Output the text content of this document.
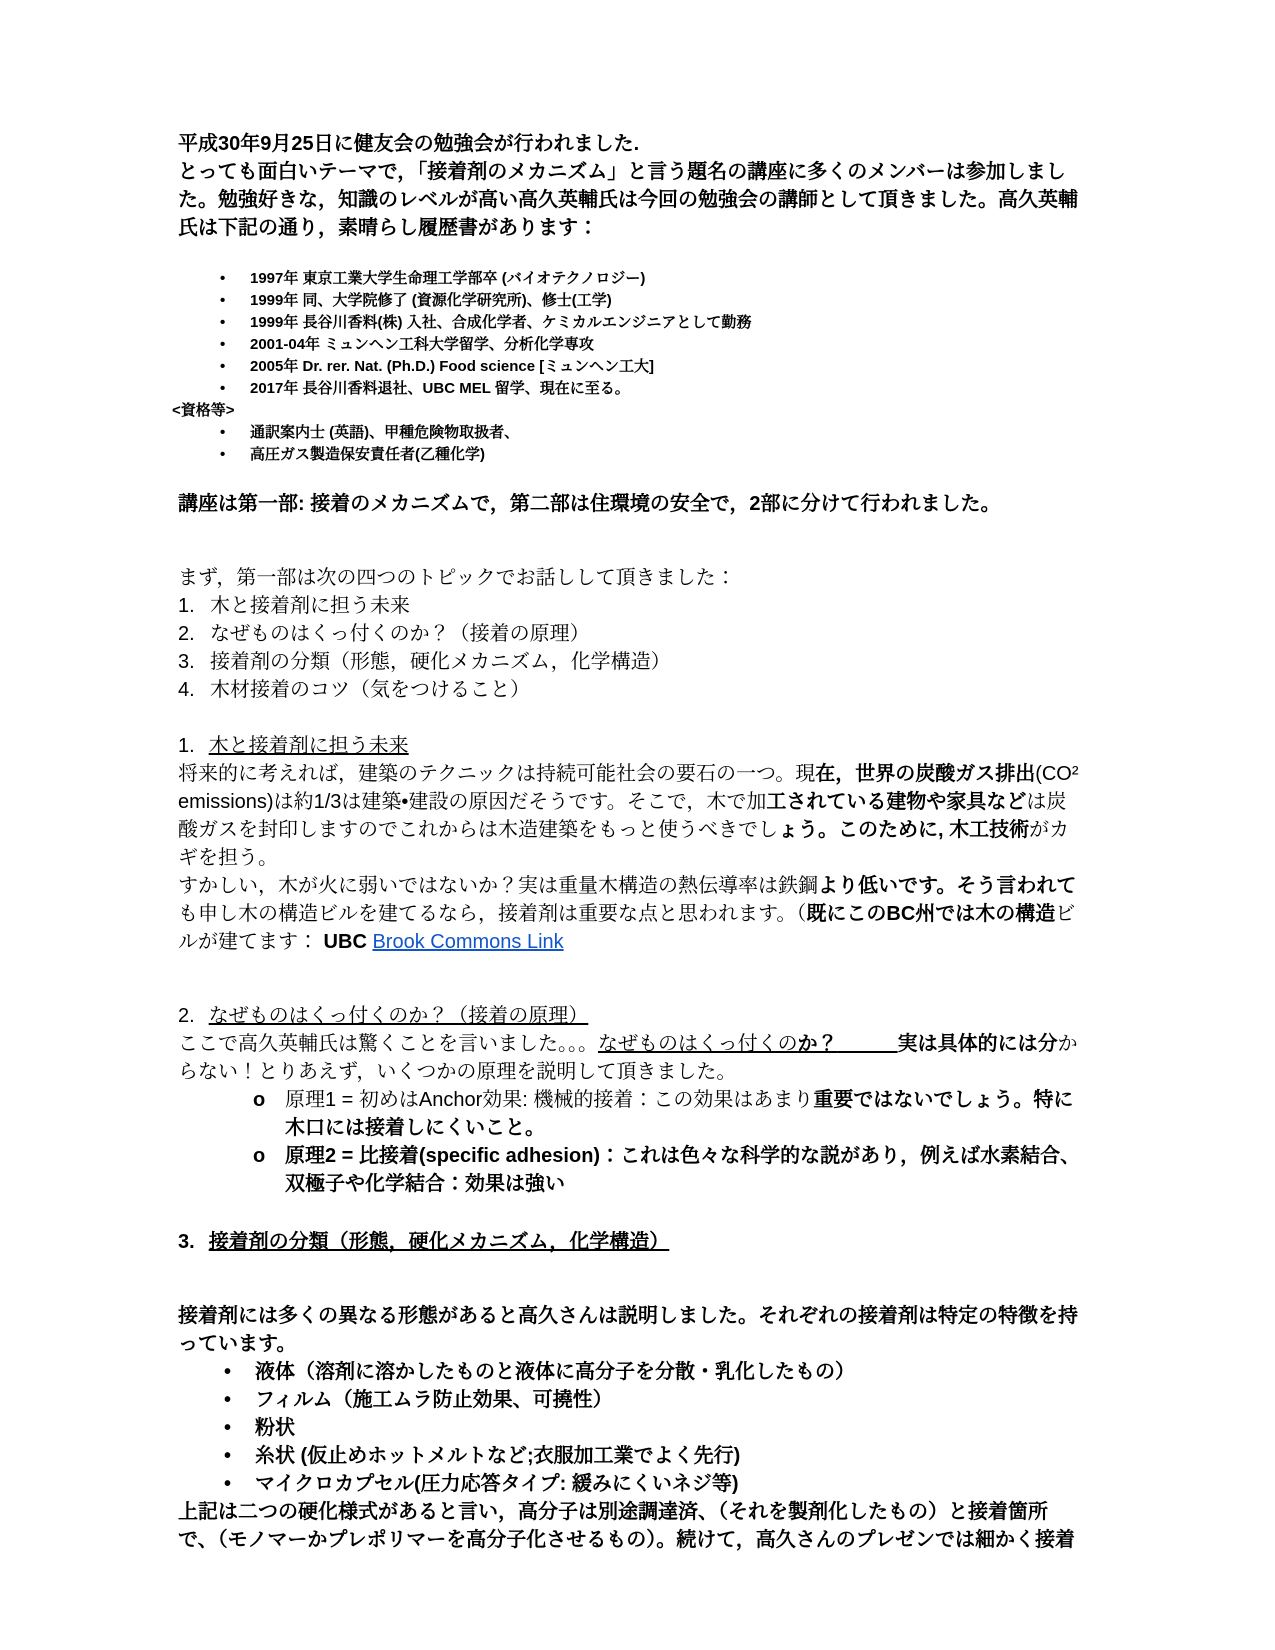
平成30年9月25日に健友会の勉強会が行われました.

とっても面白いテーマで，「接着剤のメカニズム」と言う題名の講座に多くのメンバーは参加しました。勉強好きな，知識のレベルが高い高久英輔氏は今回の勉強会の講師として頂きました。高久英輔氏は下記の通り，素晴らし履歴書があります：

• 1997年 東京工業大学生命理工学部卒 (バイオテクノロジー)
• 1999年 同、大学院修了 (資源化学研究所)、修士(工学)
• 1999年 長谷川香料(株) 入社、合成化学者、ケミカルエンジニアとして勤務
• 2001-04年 ミュンヘン工科大学留学、分析化学専攻
• 2005年 Dr. rer. Nat. (Ph.D.) Food science [ミュンヘン工大]
• 2017年 長谷川香料退社、UBC MEL 留学、現在に至る。

<資格等>

• 通訳案内士 (英語)、甲種危険物取扱者、
• 高圧ガス製造保安責任者(乙種化学)

講座は第一部: 接着のメカニズムで，第二部は住環境の安全で，2部に分けて行われました。

まず，第一部は次の四つのトピックでお話しして頂きました：

1. 木と接着剤に担う未来
2. なぜものはくっ付くのか？（接着の原理）
3. 接着剤の分類（形態，硬化メカニズム，化学構造）
4. 木材接着のコツ（気をつけること）

1. 木と接着剤に担う未来

将来的に考えれば，建築のテクニックは持続可能社会の要石の一つ。現在，世界の炭酸ガス排出(CO² emissions)は約1/3は建築•建設の原因だそうです。そこで，木で加工されている建物や家具などは炭酸ガスを封印しますのでこれからは木造建築をもっと使うべきでしょう。このために, 木工技術がカギを担う。

すかしい，木が火に弱いではないか？実は重量木構造の熱伝導率は鉄鋼より低いです。そう言われても申し木の構造ビルを建てるなら，接着剤は重要な点と思われます。（既にこのBC州では木の構造ビルが建てます： UBC Brook Commons Link

2. なぜものはくっ付くのか？（接着の原理）

ここで高久英輔氏は驚くことを言いました。。。なぜものはくっ付くのか？　　　	実は具体的には分からない！とりあえず，いくつかの原理を説明して頂きました。

o 原理1 = 初めはAnchor効果: 機械的接着：この効果はあまり重要ではないでしょう。特に木口には接着しにくいこと。
o 原理2 = 比接着(specific adhesion)：これは色々な科学的な説があり，例えば水素結合、双極子や化学結合：効果は強い

3. 接着剤の分類（形態，硬化メカニズム，化学構造）

接着剤には多くの異なる形態があると高久さんは説明しました。それぞれの接着剤は特定の特徴を持っています。

• 液体（溶剤に溶かしたものと液体に高分子を分散・乳化したもの）
• フィルム（施工ムラ防止効果、可撓性）
• 粉状
• 糸状 (仮止めホットメルトなど;衣服加工業でよく先行)
• マイクロカプセル(圧力応答タイプ: 緩みにくいネジ等)

上記は二つの硬化様式があると言い，高分子は別途調達済、（それを製剤化したもの）と接着箇所で、（モノマーかプレポリマーを高分子化させるもの）。続けて，高久さんのプレゼンでは細かく接着
